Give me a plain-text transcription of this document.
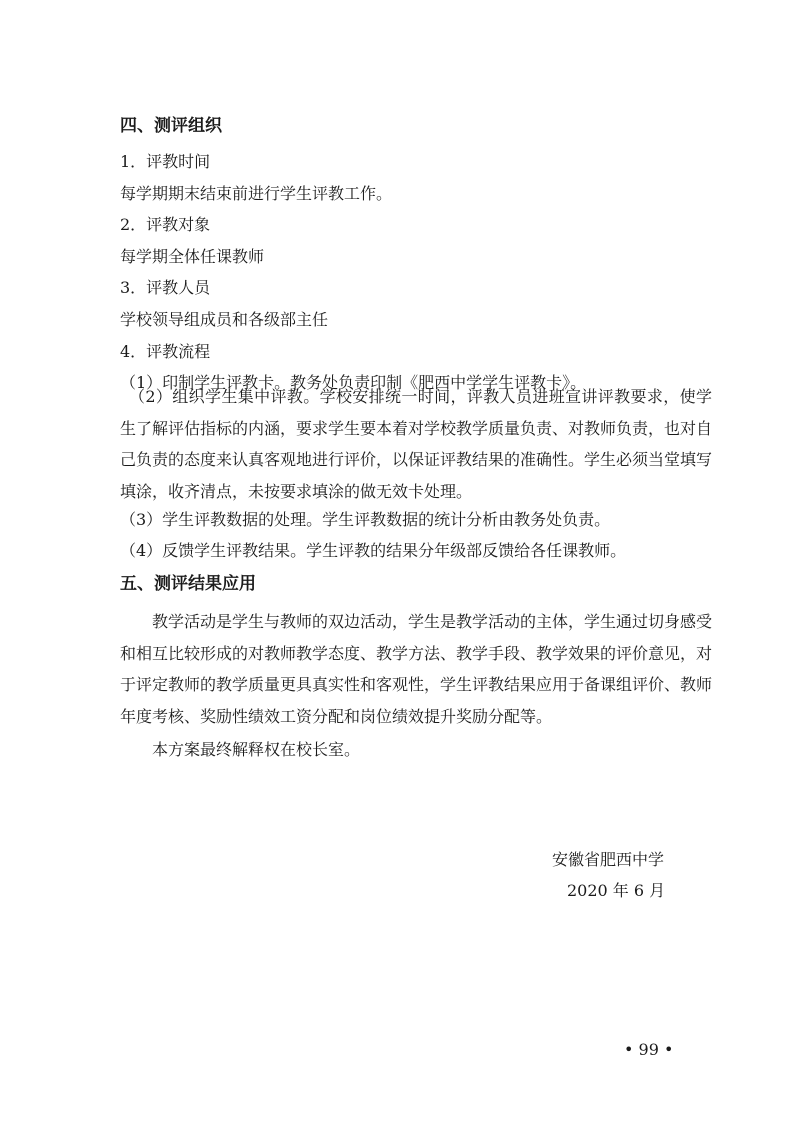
四、测评组织
1．评教时间
每学期期末结束前进行学生评教工作。
2．评教对象
每学期全体任课教师
3．评教人员
学校领导组成员和各级部主任
4．评教流程
（1）印制学生评教卡。教务处负责印制《肥西中学学生评教卡》。
（2）组织学生集中评教。学校安排统一时间，评教人员进班宣讲评教要求，使学生了解评估指标的内涵，要求学生要本着对学校教学质量负责、对教师负责，也对自己负责的态度来认真客观地进行评价，以保证评教结果的准确性。学生必须当堂填写填涂，收齐清点，未按要求填涂的做无效卡处理。
（3）学生评教数据的处理。学生评教数据的统计分析由教务处负责。
（4）反馈学生评教结果。学生评教的结果分年级部反馈给各任课教师。
五、测评结果应用
教学活动是学生与教师的双边活动，学生是教学活动的主体，学生通过切身感受和相互比较形成的对教师教学态度、教学方法、教学手段、教学效果的评价意见，对于评定教师的教学质量更具真实性和客观性，学生评教结果应用于备课组评价、教师年度考核、奖励性绩效工资分配和岗位绩效提升奖励分配等。
本方案最终解释权在校长室。
安徽省肥西中学
2020 年 6 月
• 99 •
